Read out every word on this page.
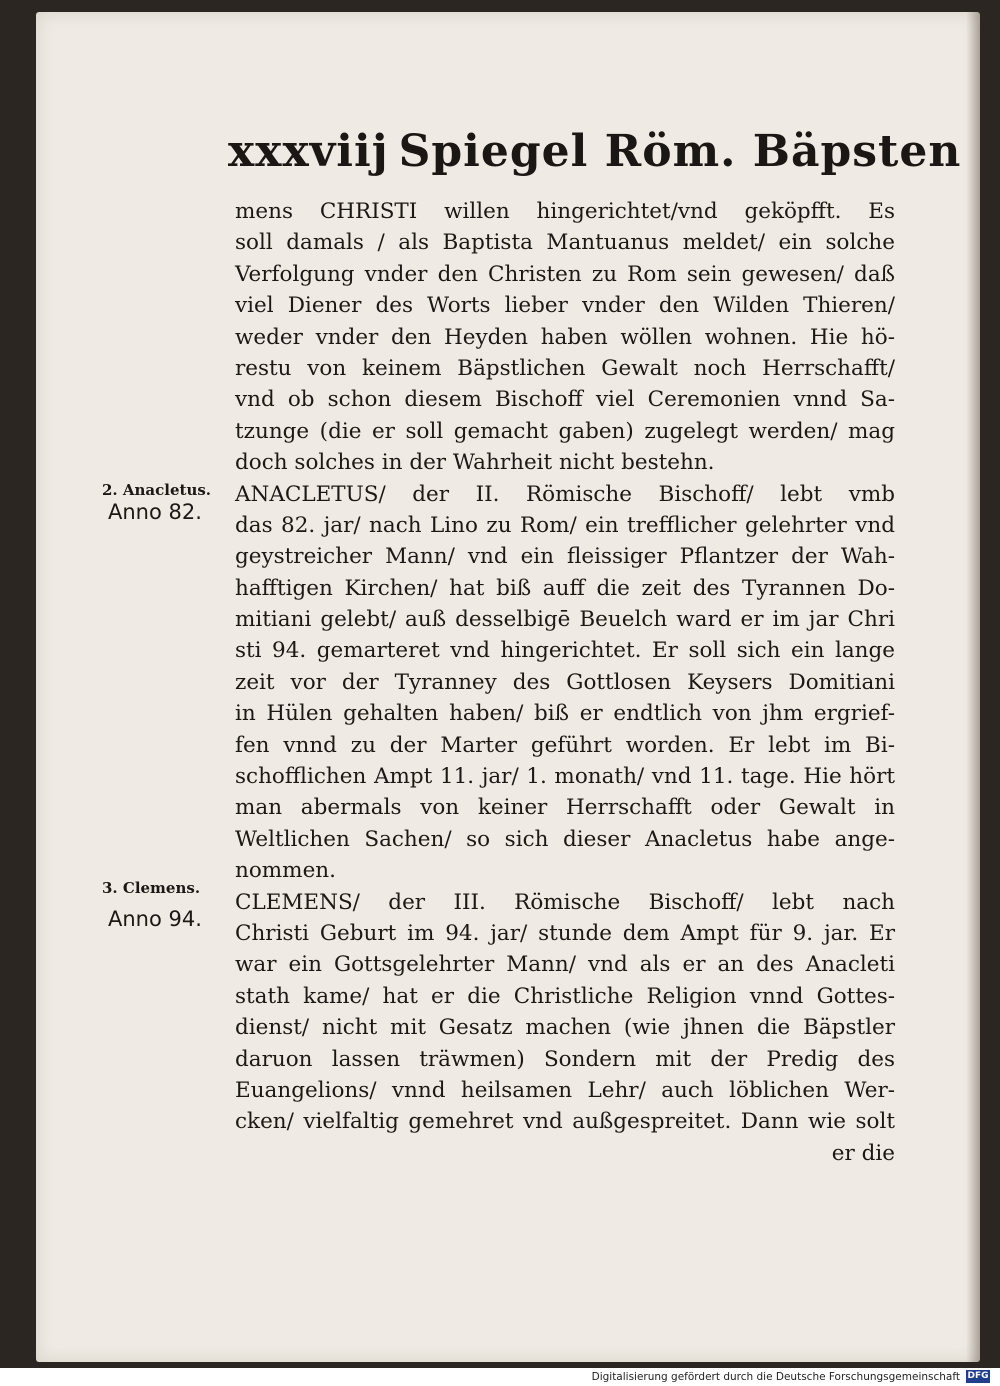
xxxviij Spiegel Röm. Bäpsten
2. Anacletus.
Anno 82.
3. Clemens.
Anno 94.
mens CHRISTI willen hingerichtet/vnd geköpfft. Es
soll damals / als Baptista Mantuanus meldet/ ein solche
Verfolgung vnder den Christen zu Rom sein gewesen/ daß
viel Diener des Worts lieber vnder den Wilden Thieren/
weder vnder den Heyden haben wöllen wohnen. Hie hö-
restu von keinem Bäpstlichen Gewalt noch Herrschafft/
vnd ob schon diesem Bischoff viel Ceremonien vnnd Sa-
tzunge (die er soll gemacht gaben) zugelegt werden/ mag
doch solches in der Wahrheit nicht bestehn.
ANACLETUS/ der II. Römische Bischoff/ lebt vmb
das 82. jar/ nach Lino zu Rom/ ein trefflicher gelehrter vnd
geystreicher Mann/ vnd ein fleissiger Pflantzer der Wah-
hafftigen Kirchen/ hat biß auff die zeit des Tyrannen Do-
mitiani gelebt/ auß desselbigē Beuelch ward er im jar Chri
sti 94. gemarteret vnd hingerichtet. Er soll sich ein lange
zeit vor der Tyranney des Gottlosen Keysers Domitiani
in Hülen gehalten haben/ biß er endtlich von jhm ergrief-
fen vnnd zu der Marter geführt worden. Er lebt im Bi-
schofflichen Ampt 11. jar/ 1. monath/ vnd 11. tage. Hie hört
man abermals von keiner Herrschafft oder Gewalt in
Weltlichen Sachen/ so sich dieser Anacletus habe ange-
nommen.
CLEMENS/ der III. Römische Bischoff/ lebt nach
Christi Geburt im 94. jar/ stunde dem Ampt für 9. jar. Er
war ein Gottsgelehrter Mann/ vnd als er an des Anacleti
stath kame/ hat er die Christliche Religion vnnd Gottes-
dienst/ nicht mit Gesatz machen (wie jhnen die Bäpstler
daruon lassen träwmen) Sondern mit der Predig des
Euangelions/ vnnd heilsamen Lehr/ auch löblichen Wer-
cken/ vielfaltig gemehret vnd außgespreitet. Dann wie solt
er die
Digitalisierung gefördert durch die Deutsche Forschungsgemeinschaft DFG
